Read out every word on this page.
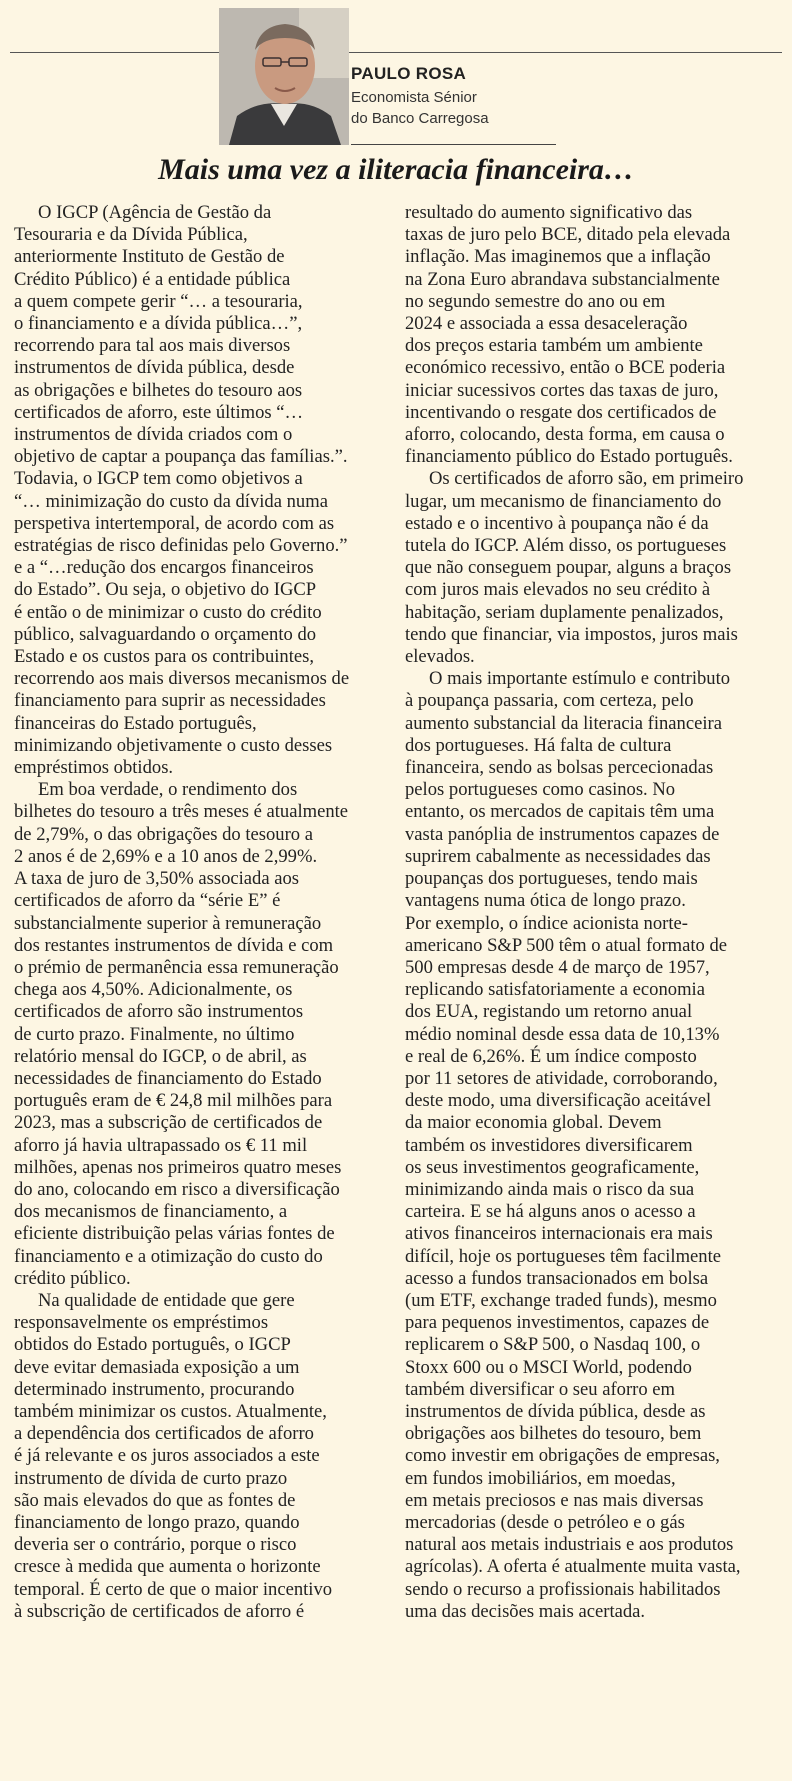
PAULO ROSA
Economista Sénior
do Banco Carregosa
Mais uma vez a iliteracia financeira…

O IGCP (Agência de Gestão da
Tesouraria e da Dívida Pública,
anteriormente Instituto de Gestão de
Crédito Público) é a entidade pública
a quem compete gerir “… a tesouraria,
o financiamento e a dívida pública…”,
recorrendo para tal aos mais diversos
instrumentos de dívida pública, desde
as obrigações e bilhetes do tesouro aos
certificados de aforro, este últimos “…
instrumentos de dívida criados com o
objetivo de captar a poupança das famílias.”.
Todavia, o IGCP tem como objetivos a
“… minimização do custo da dívida numa
perspetiva intertemporal, de acordo com as
estratégias de risco definidas pelo Governo.”
e a “…redução dos encargos financeiros
do Estado”. Ou seja, o objetivo do IGCP
é então o de minimizar o custo do crédito
público, salvaguardando o orçamento do
Estado e os custos para os contribuintes,
recorrendo aos mais diversos mecanismos de
financiamento para suprir as necessidades
financeiras do Estado português,
minimizando objetivamente o custo desses
empréstimos obtidos.

Em boa verdade, o rendimento dos
bilhetes do tesouro a três meses é atualmente
de 2,79%, o das obrigações do tesouro a
2 anos é de 2,69% e a 10 anos de 2,99%.
A taxa de juro de 3,50% associada aos
certificados de aforro da “série E” é
substancialmente superior à remuneração
dos restantes instrumentos de dívida e com
o prémio de permanência essa remuneração
chega aos 4,50%. Adicionalmente, os
certificados de aforro são instrumentos
de curto prazo. Finalmente, no último
relatório mensal do IGCP, o de abril, as
necessidades de financiamento do Estado
português eram de € 24,8 mil milhões para
2023, mas a subscrição de certificados de
aforro já havia ultrapassado os € 11 mil
milhões, apenas nos primeiros quatro meses
do ano, colocando em risco a diversificação
dos mecanismos de financiamento, a
eficiente distribuição pelas várias fontes de
financiamento e a otimização do custo do
crédito público.

Na qualidade de entidade que gere
responsavelmente os empréstimos
obtidos do Estado português, o IGCP
deve evitar demasiada exposição a um
determinado instrumento, procurando
também minimizar os custos. Atualmente,
a dependência dos certificados de aforro
é já relevante e os juros associados a este
instrumento de dívida de curto prazo
são mais elevados do que as fontes de
financiamento de longo prazo, quando
deveria ser o contrário, porque o risco
cresce à medida que aumenta o horizonte
temporal. É certo de que o maior incentivo
à subscrição de certificados de aforro é

resultado do aumento significativo das
taxas de juro pelo BCE, ditado pela elevada
inflação. Mas imaginemos que a inflação
na Zona Euro abrandava substancialmente
no segundo semestre do ano ou em
2024 e associada a essa desaceleração
dos preços estaria também um ambiente
económico recessivo, então o BCE poderia
iniciar sucessivos cortes das taxas de juro,
incentivando o resgate dos certificados de
aforro, colocando, desta forma, em causa o
financiamento público do Estado português.

Os certificados de aforro são, em primeiro
lugar, um mecanismo de financiamento do
estado e o incentivo à poupança não é da
tutela do IGCP. Além disso, os portugueses
que não conseguem poupar, alguns a braços
com juros mais elevados no seu crédito à
habitação, seriam duplamente penalizados,
tendo que financiar, via impostos, juros mais
elevados.

O mais importante estímulo e contributo
à poupança passaria, com certeza, pelo
aumento substancial da literacia financeira
dos portugueses. Há falta de cultura
financeira, sendo as bolsas percecionadas
pelos portugueses como casinos. No
entanto, os mercados de capitais têm uma
vasta panóplia de instrumentos capazes de
suprirem cabalmente as necessidades das
poupanças dos portugueses, tendo mais
vantagens numa ótica de longo prazo.

Por exemplo, o índice acionista norte-
americano S&P 500 têm o atual formato de
500 empresas desde 4 de março de 1957,
replicando satisfatoriamente a economia
dos EUA, registando um retorno anual
médio nominal desde essa data de 10,13%
e real de 6,26%. É um índice composto
por 11 setores de atividade, corroborando,
deste modo, uma diversificação aceitável
da maior economia global. Devem
também os investidores diversificarem
os seus investimentos geograficamente,
minimizando ainda mais o risco da sua
carteira. E se há alguns anos o acesso a
ativos financeiros internacionais era mais
difícil, hoje os portugueses têm facilmente
acesso a fundos transacionados em bolsa
(um ETF, exchange traded funds), mesmo
para pequenos investimentos, capazes de
replicarem o S&P 500, o Nasdaq 100, o
Stoxx 600 ou o MSCI World, podendo
também diversificar o seu aforro em
instrumentos de dívida pública, desde as
obrigações aos bilhetes do tesouro, bem
como investir em obrigações de empresas,
em fundos imobiliários, em moedas,
em metais preciosos e nas mais diversas
mercadorias (desde o petróleo e o gás
natural aos metais industriais e aos produtos
agrícolas). A oferta é atualmente muita vasta,
sendo o recurso a profissionais habilitados
uma das decisões mais acertada.
